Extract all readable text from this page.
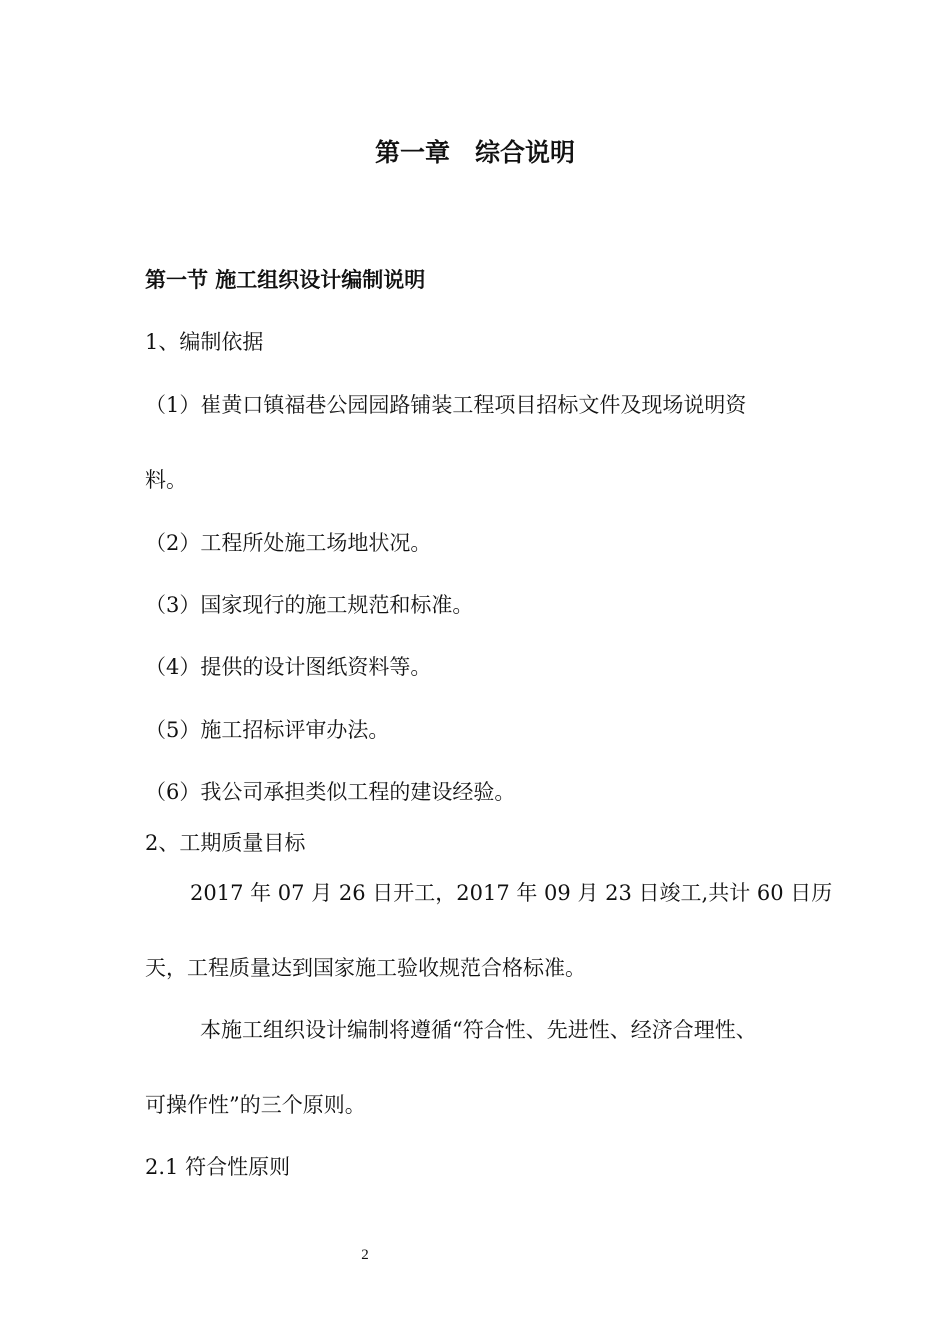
第一章　综合说明
第一节 施工组织设计编制说明
1、编制依据
（1）崔黄口镇福巷公园园路铺装工程项目招标文件及现场说明资
料。
（2）工程所处施工场地状况。
（3）国家现行的施工规范和标准。
（4）提供的设计图纸资料等。
（5）施工招标评审办法。
（6）我公司承担类似工程的建设经验。
2、工期质量目标
2017 年 07 月 26 日开工，2017 年 09 月 23 日竣工,共计 60 日历
天，工程质量达到国家施工验收规范合格标准。
本施工组织设计编制将遵循“符合性、先进性、经济合理性、
可操作性”的三个原则。
2.1 符合性原则
2
